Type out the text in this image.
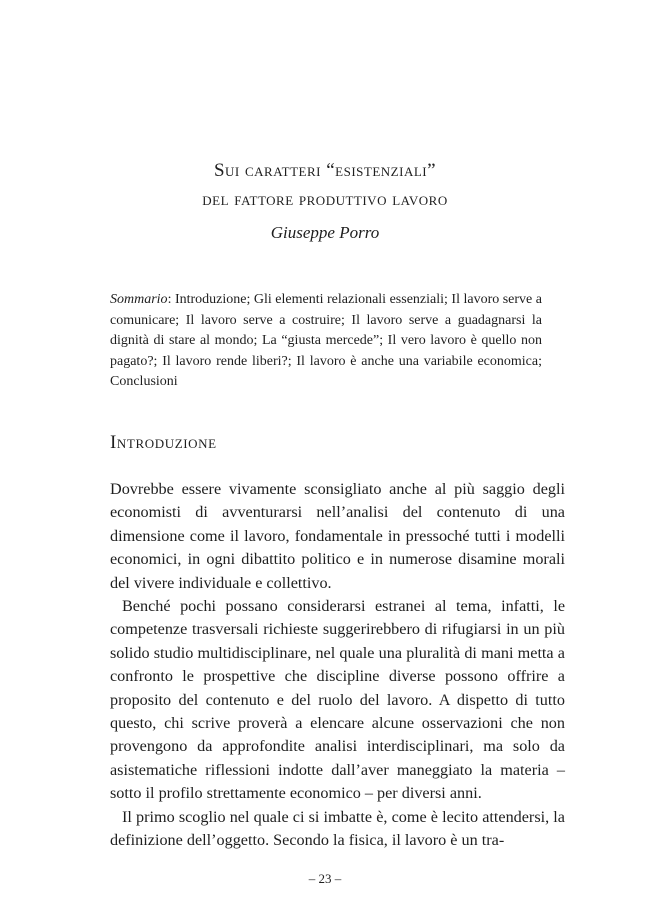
Sui caratteri “esistenziali”
del fattore produttivo lavoro
Giuseppe Porro
Sommario: Introduzione; Gli elementi relazionali essenziali; Il lavoro serve a comunicare; Il lavoro serve a costruire; Il lavoro serve a guadagnarsi la dignità di stare al mondo; La “giusta mercede”; Il vero lavoro è quello non pagato?; Il lavoro rende liberi?; Il lavoro è anche una variabile economica; Conclusioni
Introduzione

Dovrebbe essere vivamente sconsigliato anche al più saggio degli economisti di avventurarsi nell’analisi del contenuto di una dimensione come il lavoro, fondamentale in pressoché tutti i modelli economici, in ogni dibattito politico e in numerose disamine morali del vivere individuale e collettivo.

Benché pochi possano considerarsi estranei al tema, infatti, le competenze trasversali richieste suggerirebbero di rifugiarsi in un più solido studio multidisciplinare, nel quale una pluralità di mani metta a confronto le prospettive che discipline diverse possono offrire a proposito del contenuto e del ruolo del lavoro. A dispetto di tutto questo, chi scrive proverà a elencare alcune osservazioni che non provengono da approfondite analisi interdisciplinari, ma solo da asistematiche riflessioni indotte dall’aver maneggiato la materia – sotto il profilo strettamente economico – per diversi anni.

Il primo scoglio nel quale ci si imbatte è, come è lecito attendersi, la definizione dell’oggetto. Secondo la fisica, il lavoro è un tra-

– 23 –
